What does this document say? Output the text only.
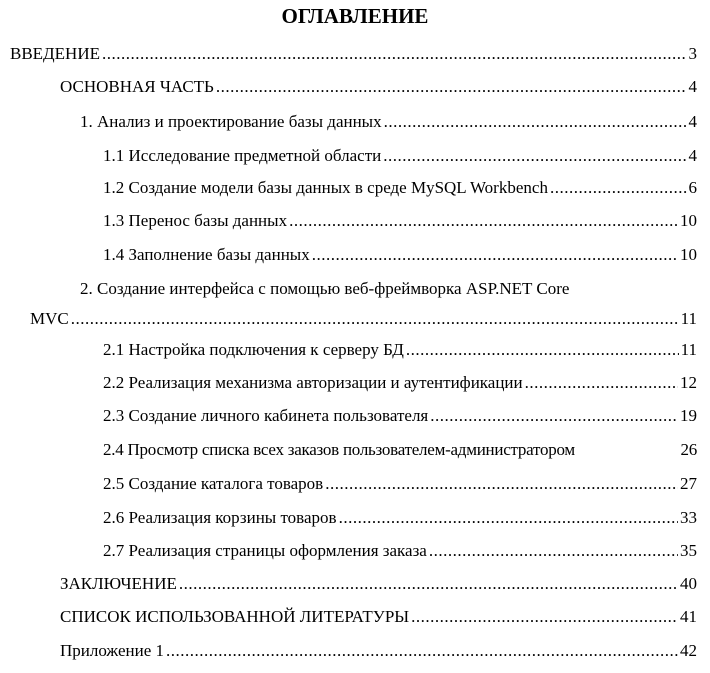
ОГЛАВЛЕНИЕ
ВВЕДЕНИЕ .....	3
ОСНОВНАЯ ЧАСТЬ .....	4
1. Анализ и проектирование базы данных .....	4
1.1 Исследование предметной области .....	4
1.2 Создание модели базы данных в среде MySQL Workbench .....	6
1.3 Перенос базы данных .....	10
1.4 Заполнение базы данных .....	10
2. Создание интерфейса с помощью веб-фреймворка ASP.NET Core
MVC .....	11
2.1 Настройка подключения к серверу БД .....	11
2.2 Реализация механизма авторизации и аутентификации .....	12
2.3 Создание личного кабинета пользователя .....	19
2.4 Просмотр списка всех заказов пользователем-администратором	26
2.5 Создание каталога товаров .....	27
2.6 Реализация корзины товаров .....	33
2.7 Реализация страницы оформления заказа .....	35
ЗАКЛЮЧЕНИЕ .....	40
СПИСОК ИСПОЛЬЗОВАННОЙ ЛИТЕРАТУРЫ .....	41
Приложение 1 .....	42
